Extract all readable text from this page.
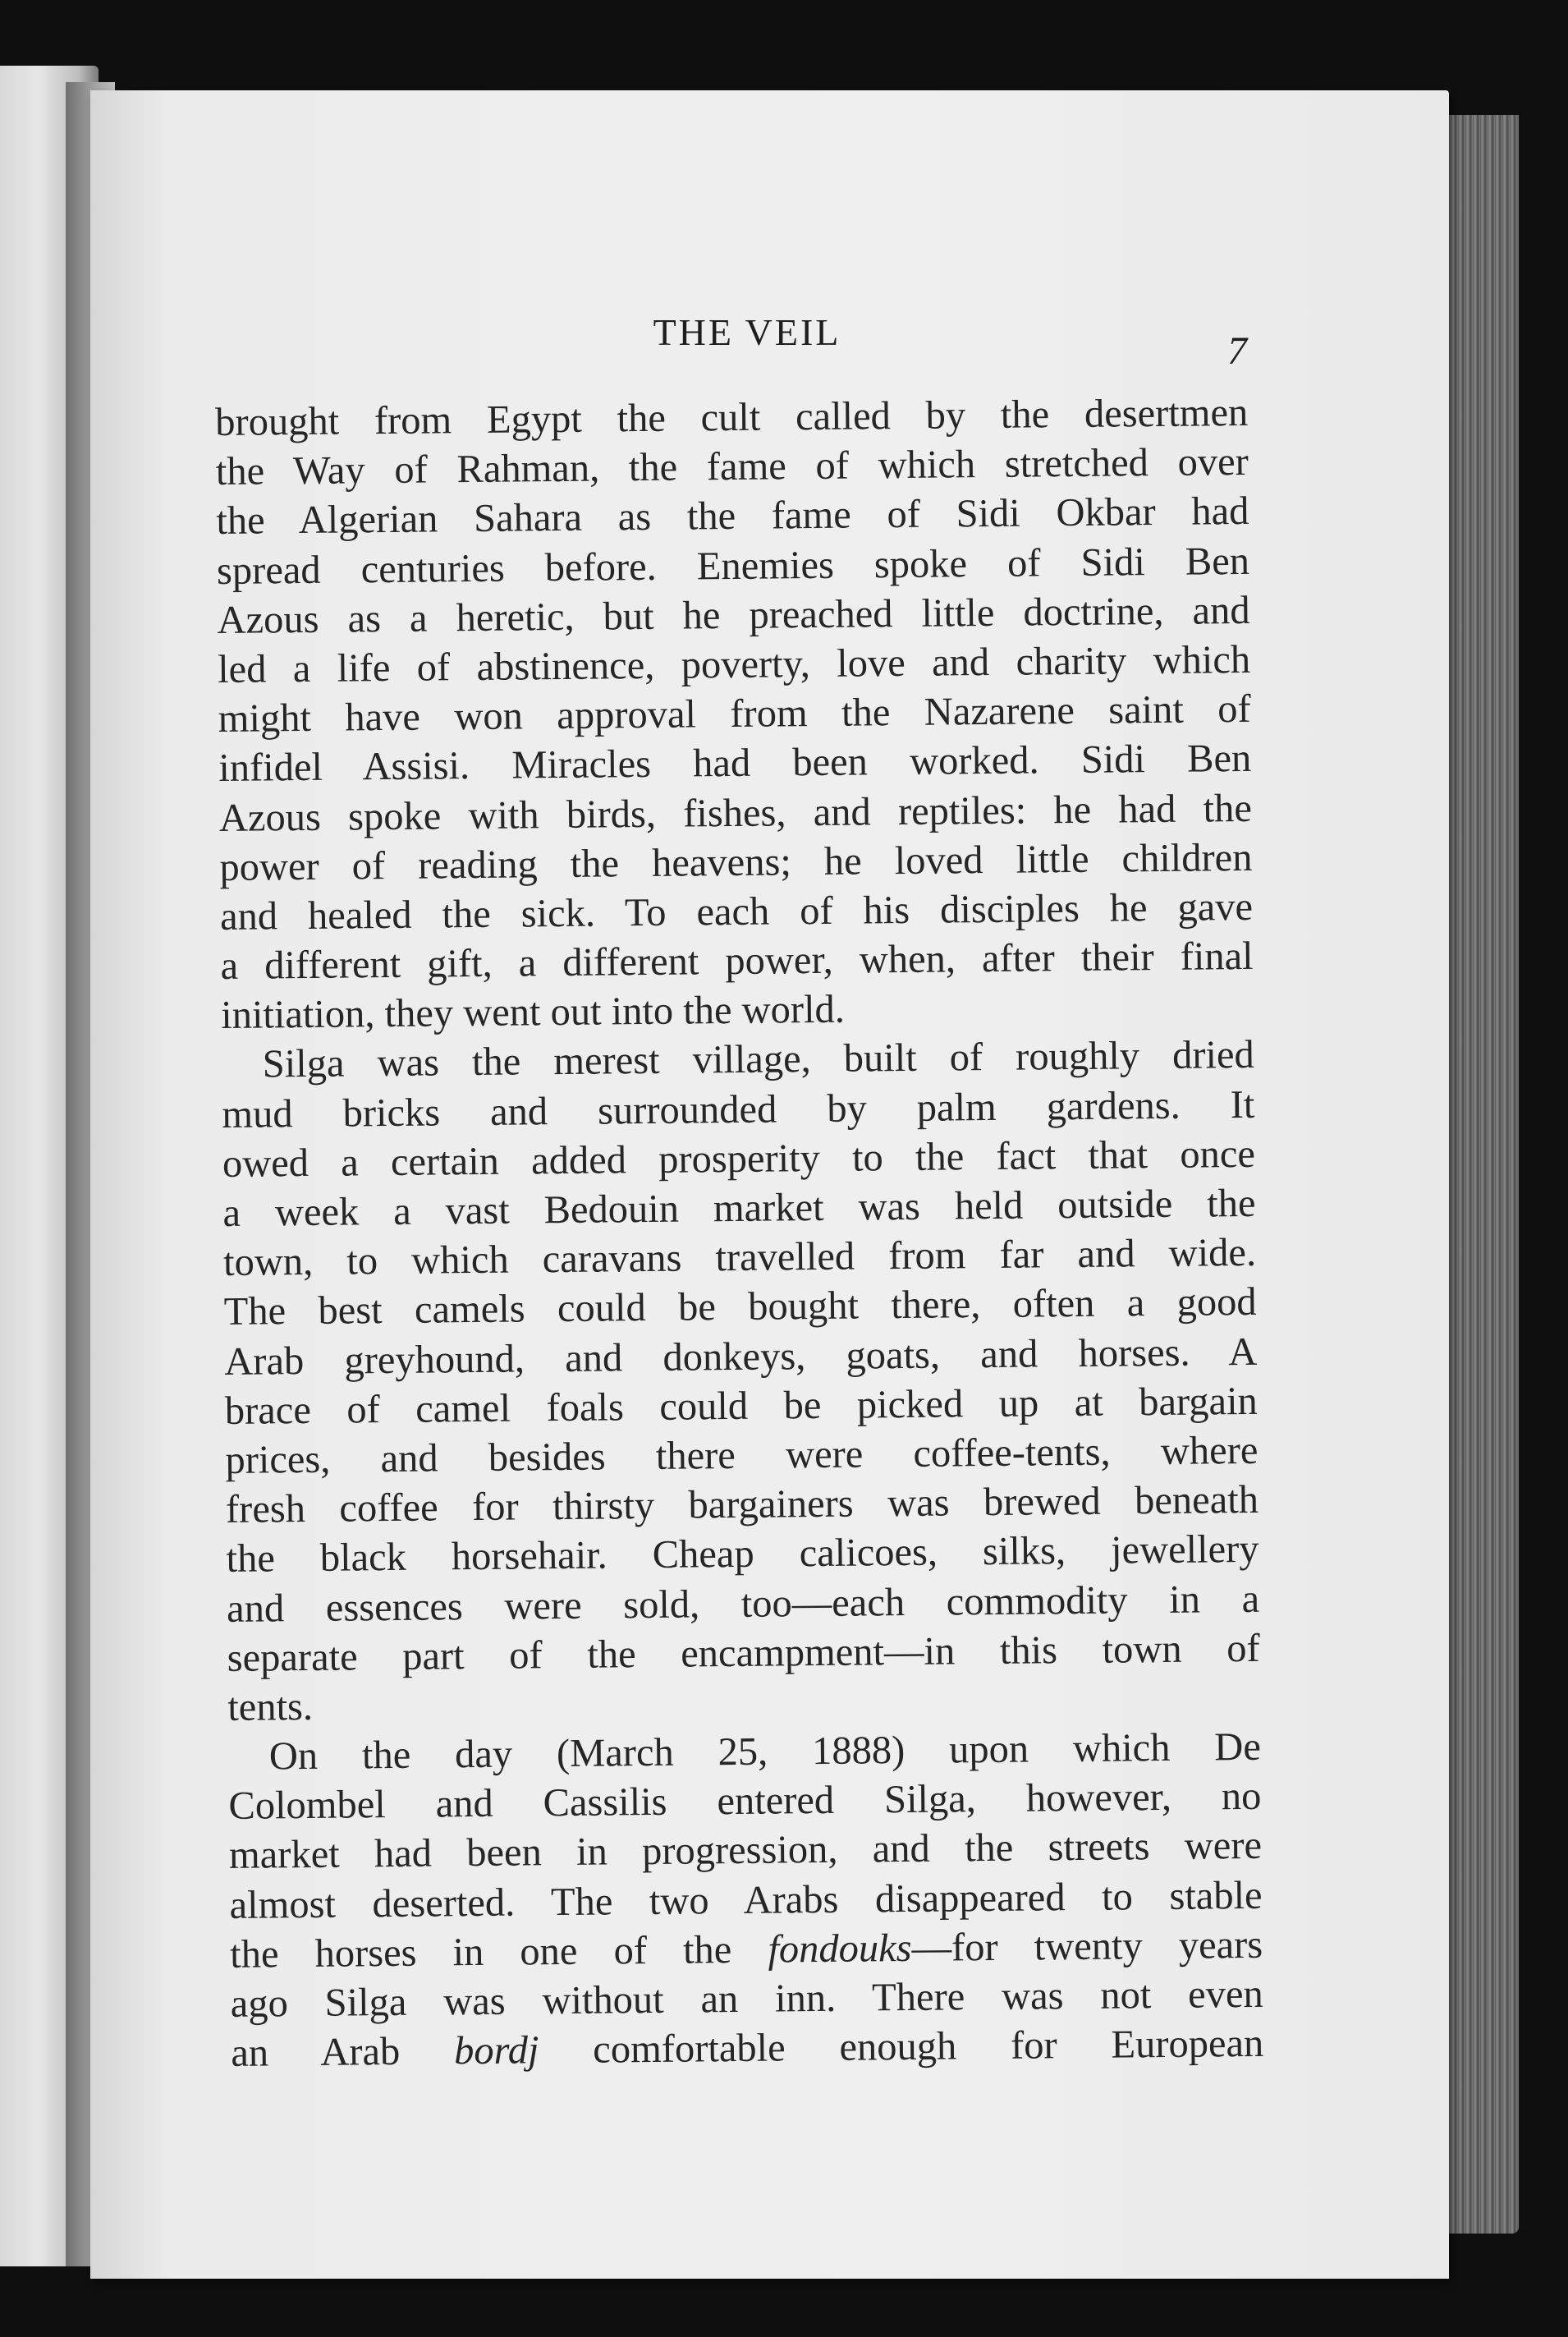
THE VEIL	7
brought from Egypt the cult called by the desertmen
the Way of Rahman, the fame of which stretched over
the Algerian Sahara as the fame of Sidi Okbar had
spread centuries before. Enemies spoke of Sidi Ben
Azous as a heretic, but he preached little doctrine, and
led a life of abstinence, poverty, love and charity which
might have won approval from the Nazarene saint of
infidel Assisi. Miracles had been worked. Sidi Ben
Azous spoke with birds, fishes, and reptiles: he had the
power of reading the heavens; he loved little children
and healed the sick. To each of his disciples he gave
a different gift, a different power, when, after their final
initiation, they went out into the world.
Silga was the merest village, built of roughly dried
mud bricks and surrounded by palm gardens. It
owed a certain added prosperity to the fact that once
a week a vast Bedouin market was held outside the
town, to which caravans travelled from far and wide.
The best camels could be bought there, often a good
Arab greyhound, and donkeys, goats, and horses. A
brace of camel foals could be picked up at bargain
prices, and besides there were coffee-tents, where
fresh coffee for thirsty bargainers was brewed beneath
the black horsehair. Cheap calicoes, silks, jewellery
and essences were sold, too—each commodity in a
separate part of the encampment—in this town of
tents.
On the day (March 25, 1888) upon which De
Colombel and Cassilis entered Silga, however, no
market had been in progression, and the streets were
almost deserted. The two Arabs disappeared to stable
the horses in one of the fondouks—for twenty years
ago Silga was without an inn. There was not even
an Arab bordj comfortable enough for European
